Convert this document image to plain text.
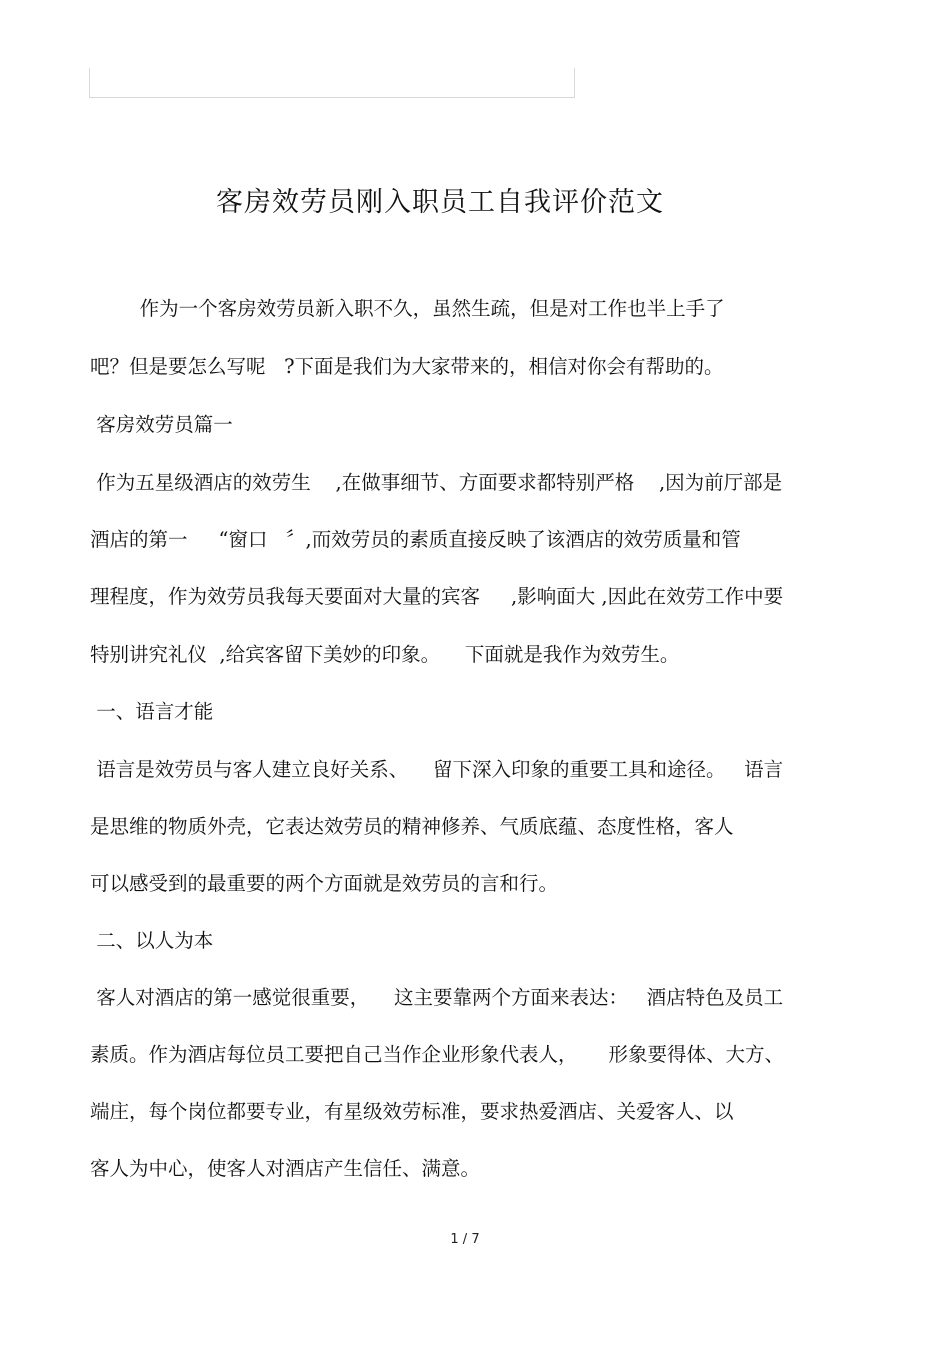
客房效劳员刚入职员工自我评价范文
作为一个客房效劳员新入职不久，虽然生疏，但是对工作也半上手了
吧？但是要怎么写呢   ?下面是我们为大家带来的，相信对你会有帮助的。
客房效劳员篇一
作为五星级酒店的效劳生    ,在做事细节、方面要求都特别严格    ,因为前厅部是
酒店的第一     “窗口   〞,而效劳员的素质直接反映了该酒店的效劳质量和管
理程度，作为效劳员我每天要面对大量的宾客     ,影响面大 ,因此在效劳工作中要
特别讲究礼仪  ,给宾客留下美妙的印象。    下面就是我作为效劳生。
一、语言才能
语言是效劳员与客人建立良好关系、    留下深入印象的重要工具和途径。   语言
是思维的物质外壳，它表达效劳员的精神修养、气质底蕴、态度性格，客人
可以感受到的最重要的两个方面就是效劳员的言和行。
二、以人为本
客人对酒店的第一感觉很重要，    这主要靠两个方面来表达：   酒店特色及员工
素质。作为酒店每位员工要把自己当作企业形象代表人，     形象要得体、大方、
端庄，每个岗位都要专业，有星级效劳标准，要求热爱酒店、关爱客人、以
客人为中心，使客人对酒店产生信任、满意。
1 / 7
